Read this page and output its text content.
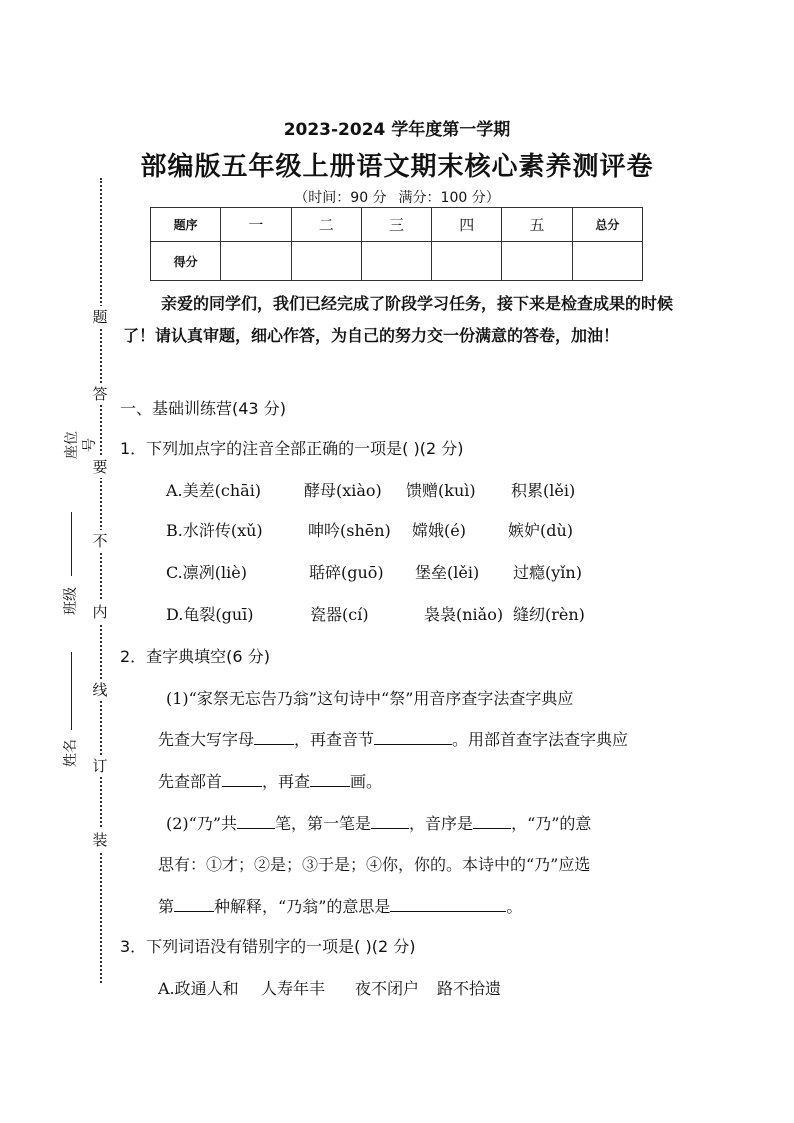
题
答
要
不
内
线
订
装
座位号
班级
姓名
2023-2024 学年度第一学期
部编版五年级上册语文期末核心素养测评卷
（时间：90 分 满分：100 分）
题序	一	二	三	四	五	总分
得分						
亲爱的同学们，我们已经完成了阶段学习任务，接下来是检查成果的时候了！请认真审题，细心作答，为自己的努力交一份满意的答卷，加油！
一、基础训练营(43 分)
1．下列加点字的注音全部正确的一项是( )(2 分)
A.美差(chāi)	酵母(xiào) 馈赠(kuì) 积累(lěi)
B.水浒传(xǔ)	呻吟(shēn) 嫦娥(é)	嫉妒(dù)
C.凛冽(liè)	聒碎(guō) 堡垒(lěi) 过瘾(yǐn)
D.龟裂(guī)	瓷器(cí)	袅袅(niǎo) 缝纫(rèn)
2．查字典填空(6 分)
(1)“家祭无忘告乃翁”这句诗中“祭”用音序查字法查字典应
先查大写字母	，再查音节	。用部首查字法查字典应
先查部首	，再查	画。
(2)“乃”共 笔，第一笔是 ，音序是 ，“乃”的意
思有：①才；②是；③于是；④你，你的。本诗中的“乃”应选
第	种解释，“乃翁”的意思是	。
3．下列词语没有错别字的一项是( )(2 分)
A.政通人和 人寿年丰 夜不闭户 路不拾遗
